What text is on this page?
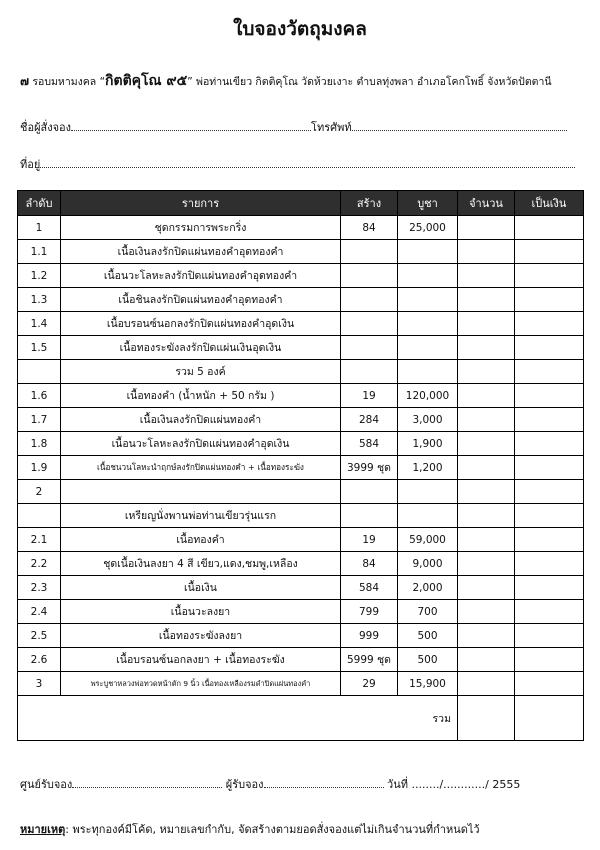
ใบจองวัตถุมงคล
๗ รอบมหามงคล “กิตติคุโณ ๙๕” พ่อท่านเขียว กิตติคุโณ วัดห้วยเงาะ ตำบลทุ่งพลา อำเภอโคกโพธิ์ จังหวัดปัตตานี
ชื่อผู้สั่งจอง	โทรศัพท์
ที่อยู่
ลำดับ	รายการ	สร้าง	บูชา	จำนวน	เป็นเงิน
1	ชุดกรรมการพระกริ่ง	84	25,000		
1.1	เนื้อเงินลงรักปิดแผ่นทองคำอุดทองคำ				
1.2	เนื้อนวะโลหะลงรักปิดแผ่นทองคำอุดทองคำ				
1.3	เนื้อชินลงรักปิดแผ่นทองคำอุดทองคำ				
1.4	เนื้อบรอนซ์นอกลงรักปิดแผ่นทองคำอุดเงิน				
1.5	เนื้อทองระฆังลงรักปิดแผ่นเงินอุดเงิน				
	รวม 5 องค์				
1.6	เนื้อทองคำ (น้ำหนัก + 50 กรัม )	19	120,000		
1.7	เนื้อเงินลงรักปิดแผ่นทองคำ	284	3,000		
1.8	เนื้อนวะโลหะลงรักปิดแผ่นทองคำอุดเงิน	584	1,900		
1.9	เนื้อชนวนโลหะนำฤกษ์ลงรักปิดแผ่นทองคำ + เนื้อทองระฆัง	3999 ชุด	1,200		
2					
	เหรียญนั่งพานพ่อท่านเขียวรุ่นแรก				
2.1	เนื้อทองคำ	19	59,000		
2.2	ชุดเนื้อเงินลงยา 4 สี เขียว,แดง,ชมพู,เหลือง	84	9,000		
2.3	เนื้อเงิน	584	2,000		
2.4	เนื้อนวะลงยา	799	700		
2.5	เนื้อทองระฆังลงยา	999	500		
2.6	เนื้อบรอนซ์นอกลงยา + เนื้อทองระฆัง	5999 ชุด	500		
3	พระบูชาหลวงพ่อทวดหน้าตัก 9 นิ้ว เนื้อทองเหลืองรมดำปิดแผ่นทองคำ	29	15,900		
รวม					
ศูนย์รับจอง	ผู้รับจอง	วันที่ ......../............/ 2555
หมายเหตุ: พระทุกองค์มีโค้ด, หมายเลขกำกับ, จัดสร้างตามยอดสั่งจองแต่ไม่เกินจำนวนที่กำหนดไว้
